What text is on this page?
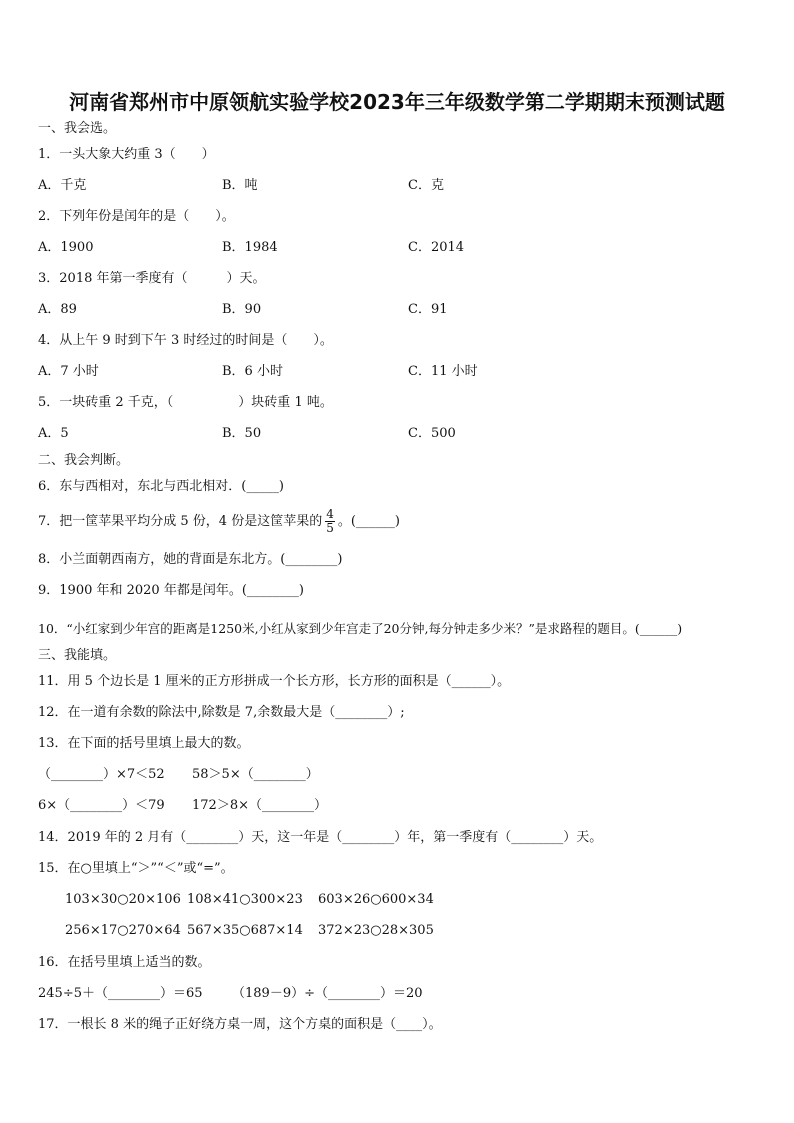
河南省郑州市中原领航实验学校2023年三年级数学第二学期期末预测试题
一、我会选。
1．一头大象大约重 3（　　）
A．千克	B．吨	C．克
2．下列年份是闰年的是（　　）。
A．1900	B．1984	C．2014
3．2018 年第一季度有（　　　）天。
A．89	B．90	C．91
4．从上午 9 时到下午 3 时经过的时间是（　　）。
A．7 小时	B．6 小时	C．11 小时
5．一块砖重 2 千克，（　　　　　）块砖重 1 吨。
A．5	B．50	C．500
二、我会判断。
6．东与西相对，东北与西北相对．(_____)
7．把一筐苹果平均分成 5 份，4 份是这筐苹果的 $\frac{4}{5}$ 。(______)
8．小兰面朝西南方，她的背面是东北方。(________)
9．1900 年和 2020 年都是闰年。(________)
10．“小红家到少年宫的距离是1250米,小红从家到少年宫走了20分钟,每分钟走多少米？”是求路程的题目。(______)
三、我能填。
11．用 5 个边长是 1 厘米的正方形拼成一个长方形，长方形的面积是（______）。
12．在一道有余数的除法中,除数是 7,余数最大是（________）;
13．在下面的括号里填上最大的数。
（________）×7＜52 58＞5×（________）
6×（________）＜79 172＞8×（________）
14．2019 年的 2 月有（________）天，这一年是（________）年，第一季度有（________）天。
15．在○里填上“＞”“＜”或“=”。
103×30○20×106 108×41○300×23 603×26○600×34
256×17○270×64 567×35○687×14 372×23○28×305
16．在括号里填上适当的数。
245÷5＋（________）＝65 （189－9）÷（________）＝20
17．一根长 8 米的绳子正好绕方桌一周，这个方桌的面积是（____）。
